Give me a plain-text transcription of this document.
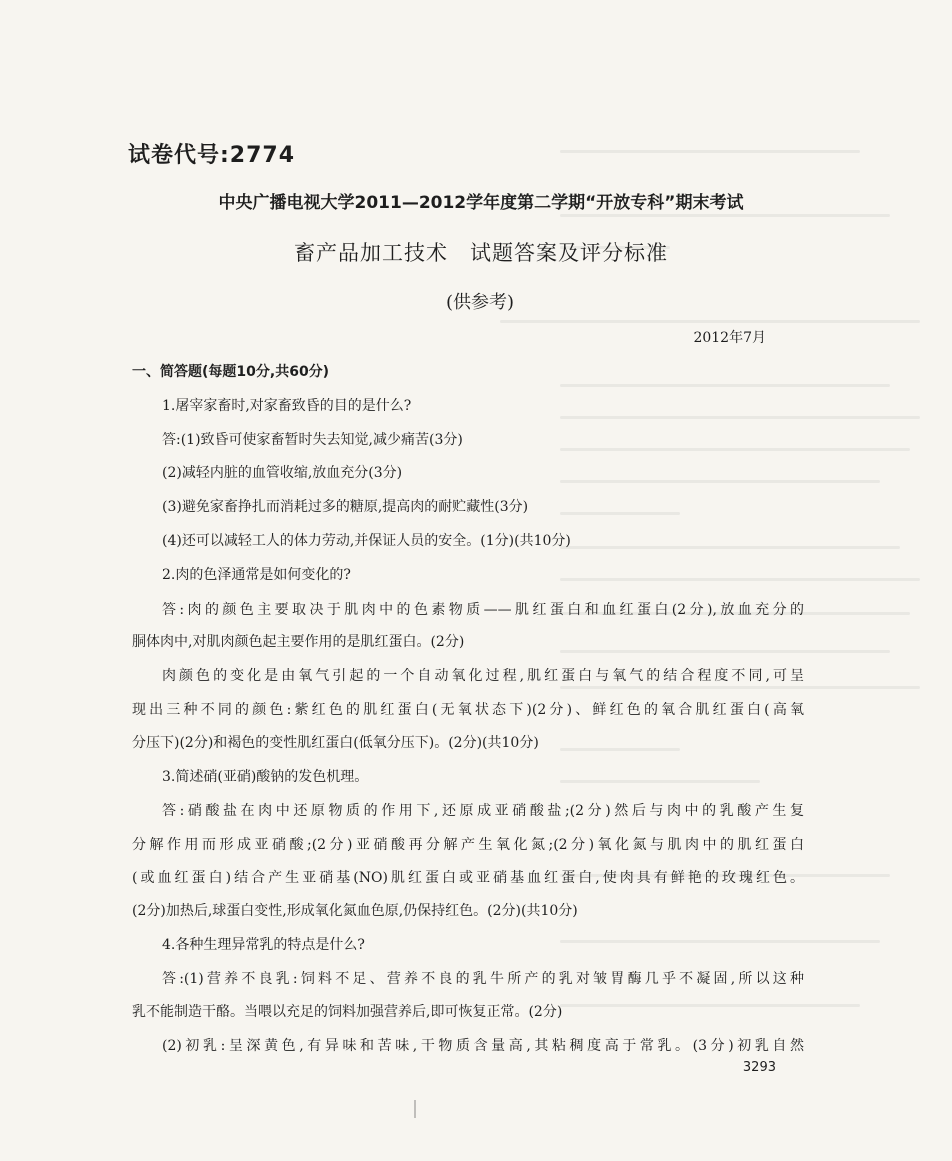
试卷代号:2774
中央广播电视大学2011—2012学年度第二学期“开放专科”期末考试
畜产品加工技术　试题答案及评分标准
(供参考)
2012年7月
一、简答题(每题10分,共60分)
1.屠宰家畜时,对家畜致昏的目的是什么?
答:(1)致昏可使家畜暂时失去知觉,减少痛苦(3分)
(2)减轻内脏的血管收缩,放血充分(3分)
(3)避免家畜挣扎而消耗过多的糖原,提高肉的耐贮藏性(3分)
(4)还可以减轻工人的体力劳动,并保证人员的安全。(1分)(共10分)
2.肉的色泽通常是如何变化的?
答:肉的颜色主要取决于肌肉中的色素物质——肌红蛋白和血红蛋白(2分),放血充分的
胴体肉中,对肌肉颜色起主要作用的是肌红蛋白。(2分)
肉颜色的变化是由氧气引起的一个自动氧化过程,肌红蛋白与氧气的结合程度不同,可呈
现出三种不同的颜色:紫红色的肌红蛋白(无氧状态下)(2分)、鲜红色的氧合肌红蛋白(高氧
分压下)(2分)和褐色的变性肌红蛋白(低氧分压下)。(2分)(共10分)
3.简述硝(亚硝)酸钠的发色机理。
答:硝酸盐在肉中还原物质的作用下,还原成亚硝酸盐;(2分)然后与肉中的乳酸产生复
分解作用而形成亚硝酸;(2分)亚硝酸再分解产生氧化氮;(2分)氧化氮与肌肉中的肌红蛋白
(或血红蛋白)结合产生亚硝基(NO)肌红蛋白或亚硝基血红蛋白,使肉具有鲜艳的玫瑰红色。
(2分)加热后,球蛋白变性,形成氧化氮血色原,仍保持红色。(2分)(共10分)
4.各种生理异常乳的特点是什么?
答:(1)营养不良乳:饲料不足、营养不良的乳牛所产的乳对皱胃酶几乎不凝固,所以这种
乳不能制造干酪。当喂以充足的饲料加强营养后,即可恢复正常。(2分)
(2)初乳:呈深黄色,有异味和苦味,干物质含量高,其粘稠度高于常乳。(3分)初乳自然
3293
